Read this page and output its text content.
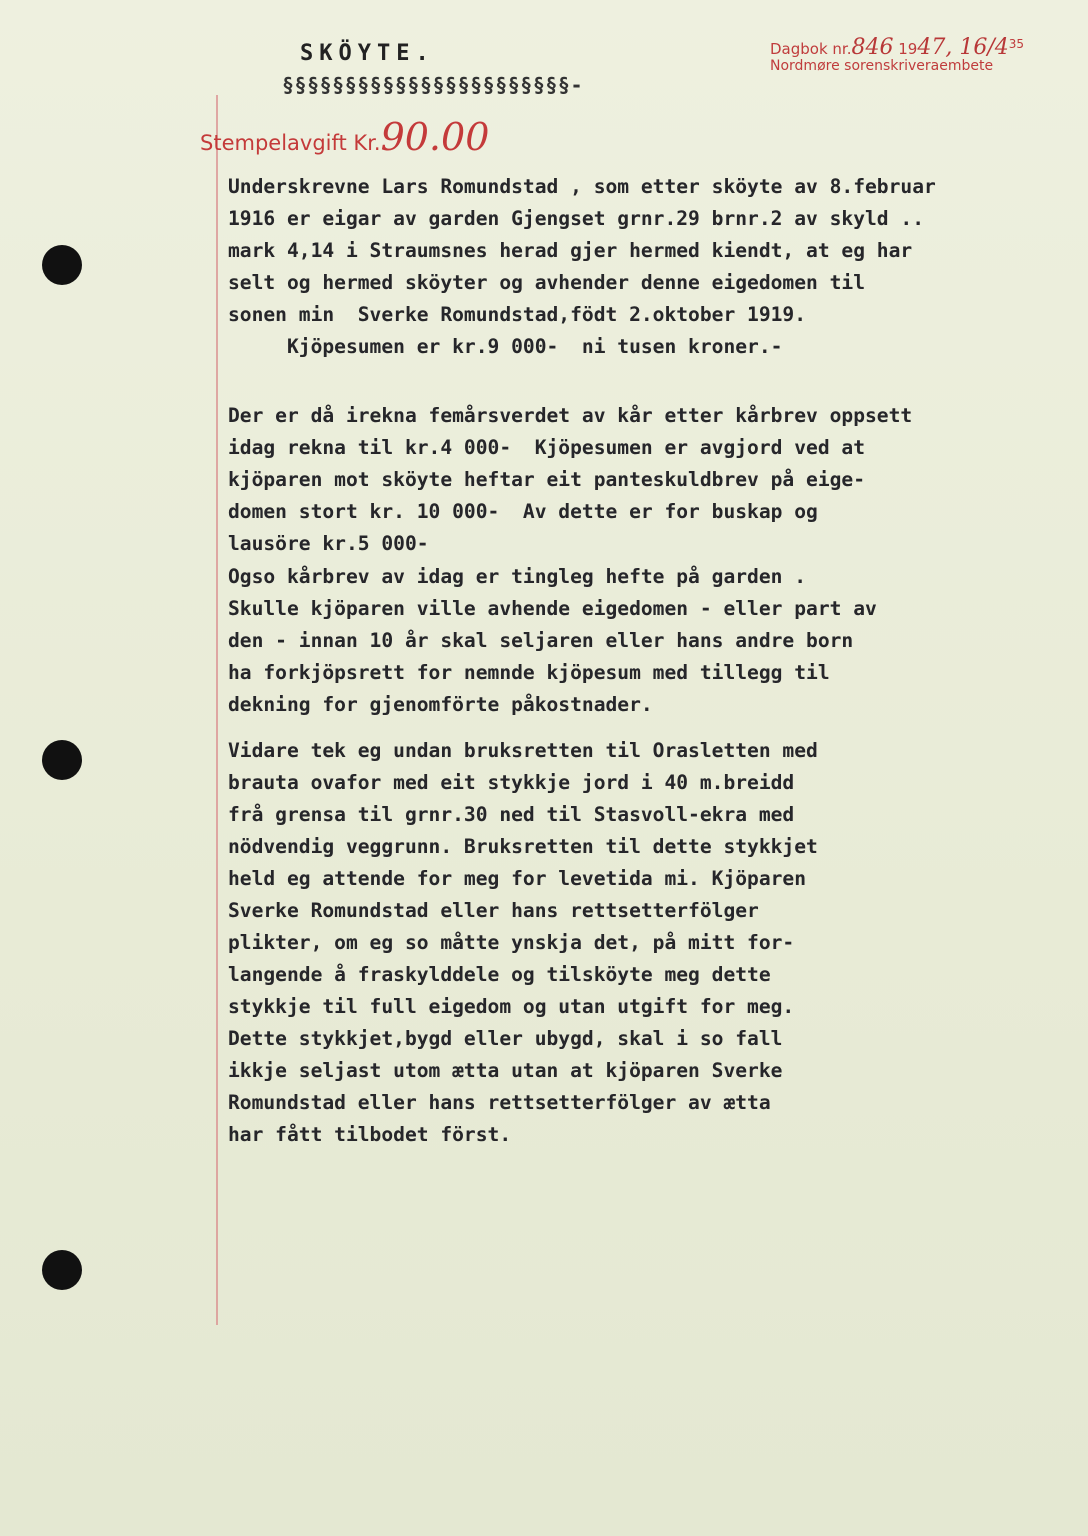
SKÖYTE.
§§§§§§§§§§§§§§§§§§§§§§§-
Dagbok nr.846 1947, $16/4^{35}$
Nordmøre sorenskriveraembete
Stempelavgift Kr.90.00
Underskrevne Lars Romundstad , som etter sköyte av 8.februar
1916 er eigar av garden Gjengset grnr.29 brnr.2 av skyld ..
mark 4,14 i Straumsnes herad gjer hermed kiendt, at eg har
selt og hermed sköyter og avhender denne eigedomen til
sonen min  Sverke Romundstad,födt 2.oktober 1919.
Kjöpesumen er kr.9 000-  ni tusen kroner.-
Der er då irekna femårsverdet av kår etter kårbrev oppsett
idag rekna til kr.4 000-  Kjöpesumen er avgjord ved at
kjöparen mot sköyte heftar eit panteskuldbrev på eige-
domen stort kr. 10 000-  Av dette er for buskap og
lausöre kr.5 000-
Ogso kårbrev av idag er tingleg hefte på garden .
Skulle kjöparen ville avhende eigedomen - eller part av
den - innan 10 år skal seljaren eller hans andre born
ha forkjöpsrett for nemnde kjöpesum med tillegg til
dekning for gjenomförte påkostnader.
Vidare tek eg undan bruksretten til Orasletten med
brauta ovafor med eit stykkje jord i 40 m.breidd
frå grensa til grnr.30 ned til Stasvoll-ekra med
nödvendig veggrunn. Bruksretten til dette stykkjet
held eg attende for meg for levetida mi. Kjöparen
Sverke Romundstad eller hans rettsetterfölger
plikter, om eg so måtte ynskja det, på mitt for-
langende å fraskylddele og tilsköyte meg dette
stykkje til full eigedom og utan utgift for meg.
Dette stykkjet,bygd eller ubygd, skal i so fall
ikkje seljast utom ætta utan at kjöparen Sverke
Romundstad eller hans rettsetterfölger av ætta
har fått tilbodet först.
